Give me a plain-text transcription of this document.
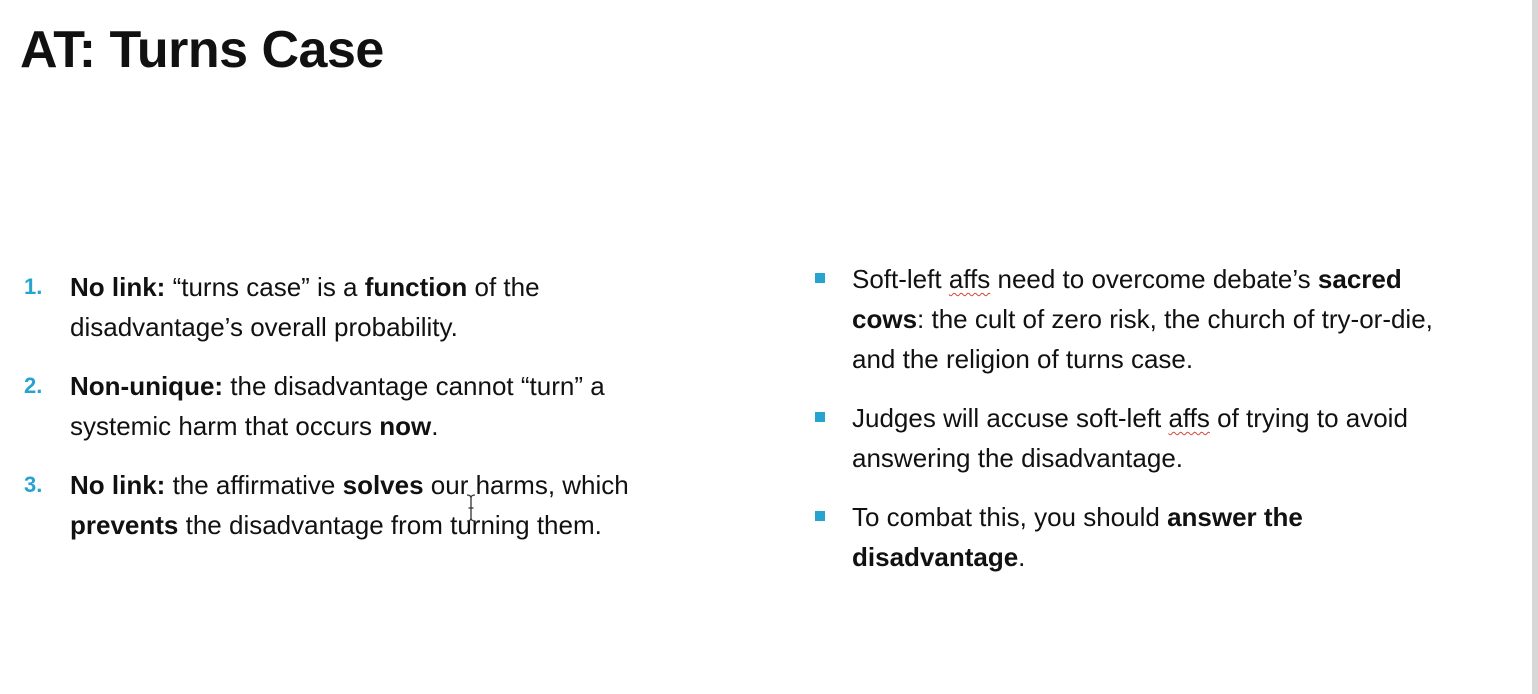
AT: Turns Case
1. No link: “turns case” is a function of the
disadvantage’s overall probability.
2. Non-unique: the disadvantage cannot “turn” a
systemic harm that occurs now.
3. No link: the affirmative solves our harms, which
prevents the disadvantage from turning them.
Soft-left affs need to overcome debate’s sacred
cows: the cult of zero risk, the church of try-or-die,
and the religion of turns case.
Judges will accuse soft-left affs of trying to avoid
answering the disadvantage.
To combat this, you should answer the
disadvantage.
